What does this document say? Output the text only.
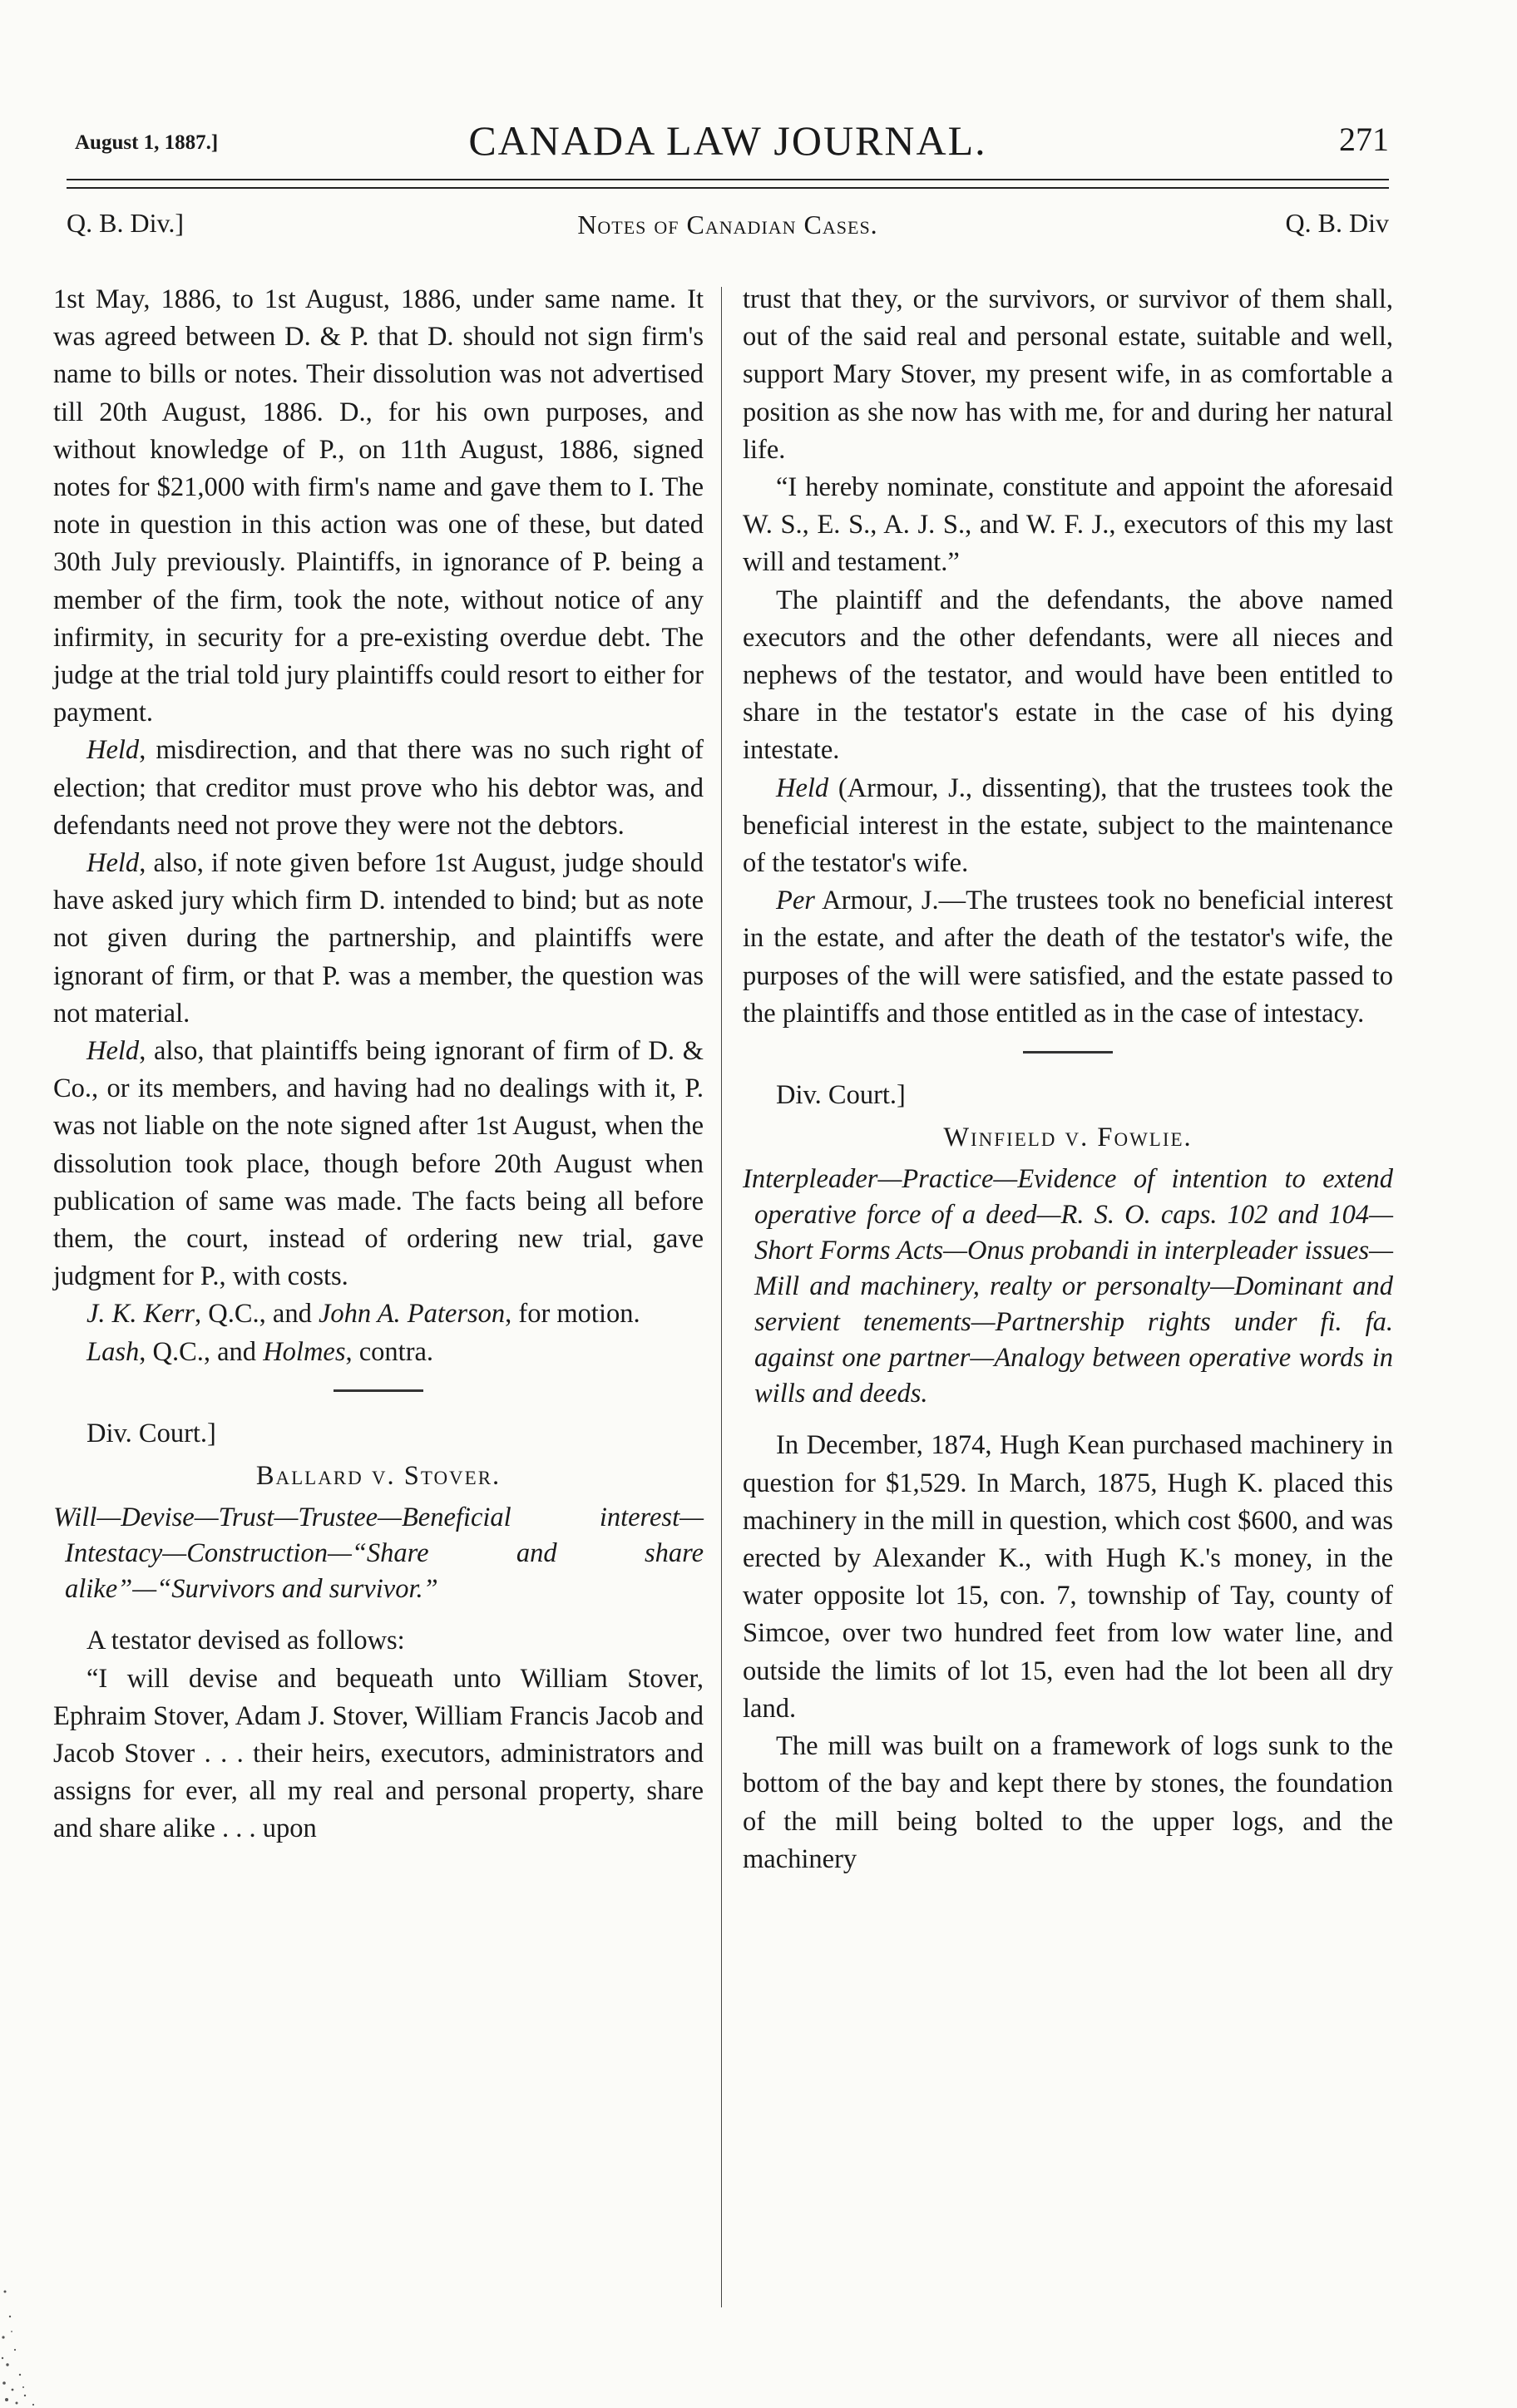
August 1, 1887.]	CANADA LAW JOURNAL.	271
Q. B. Div.]	Notes of Canadian Cases.	Q. B. Div

1st May, 1886, to 1st August, 1886, under same name. It was agreed between D. & P. that D. should not sign firm's name to bills or notes. Their dissolution was not advertised till 20th August, 1886. D., for his own purposes, and without knowledge of P., on 11th August, 1886, signed notes for $21,000 with firm's name and gave them to I. The note in question in this action was one of these, but dated 30th July previously. Plaintiffs, in ignorance of P. being a member of the firm, took the note, without notice of any infirmity, in security for a pre-existing overdue debt. The judge at the trial told jury plaintiffs could resort to either for payment.

Held, misdirection, and that there was no such right of election; that creditor must prove who his debtor was, and defendants need not prove they were not the debtors.

Held, also, if note given before 1st August, judge should have asked jury which firm D. intended to bind; but as note not given during the partnership, and plaintiffs were ignorant of firm, or that P. was a member, the question was not material.

Held, also, that plaintiffs being ignorant of firm of D. & Co., or its members, and having had no dealings with it, P. was not liable on the note signed after 1st August, when the dissolution took place, though before 20th August when publication of same was made. The facts being all before them, the court, instead of ordering new trial, gave judgment for P., with costs.

J. K. Kerr, Q.C., and John A. Paterson, for motion.

Lash, Q.C., and Holmes, contra.

Div. Court.]

Ballard v. Stover.
Will—Devise—Trust—Trustee—Beneficial interest—Intestacy—Construction—“Share and share alike”—“Survivors and survivor.”

A testator devised as follows:

“I will devise and bequeath unto William Stover, Ephraim Stover, Adam J. Stover, William Francis Jacob and Jacob Stover . . . their heirs, executors, administrators and assigns for ever, all my real and personal property, share and share alike . . . upon

trust that they, or the survivors, or survivor of them shall, out of the said real and personal estate, suitable and well, support Mary Stover, my present wife, in as comfortable a position as she now has with me, for and during her natural life.

“I hereby nominate, constitute and appoint the aforesaid W. S., E. S., A. J. S., and W. F. J., executors of this my last will and testament.”

The plaintiff and the defendants, the above named executors and the other defendants, were all nieces and nephews of the testator, and would have been entitled to share in the testator's estate in the case of his dying intestate.

Held (Armour, J., dissenting), that the trustees took the beneficial interest in the estate, subject to the maintenance of the testator's wife.

Per Armour, J.—The trustees took no beneficial interest in the estate, and after the death of the testator's wife, the purposes of the will were satisfied, and the estate passed to the plaintiffs and those entitled as in the case of intestacy.

Div. Court.]

Winfield v. Fowlie.
Interpleader—Practice—Evidence of intention to extend operative force of a deed—R. S. O. caps. 102 and 104—Short Forms Acts—Onus probandi in interpleader issues—Mill and machinery, realty or personalty—Dominant and servient tenements—Partnership rights under fi. fa. against one partner—Analogy between operative words in wills and deeds.

In December, 1874, Hugh Kean purchased machinery in question for $1,529. In March, 1875, Hugh K. placed this machinery in the mill in question, which cost $600, and was erected by Alexander K., with Hugh K.'s money, in the water opposite lot 15, con. 7, township of Tay, county of Simcoe, over two hundred feet from low water line, and outside the limits of lot 15, even had the lot been all dry land.

The mill was built on a framework of logs sunk to the bottom of the bay and kept there by stones, the foundation of the mill being bolted to the upper logs, and the machinery
